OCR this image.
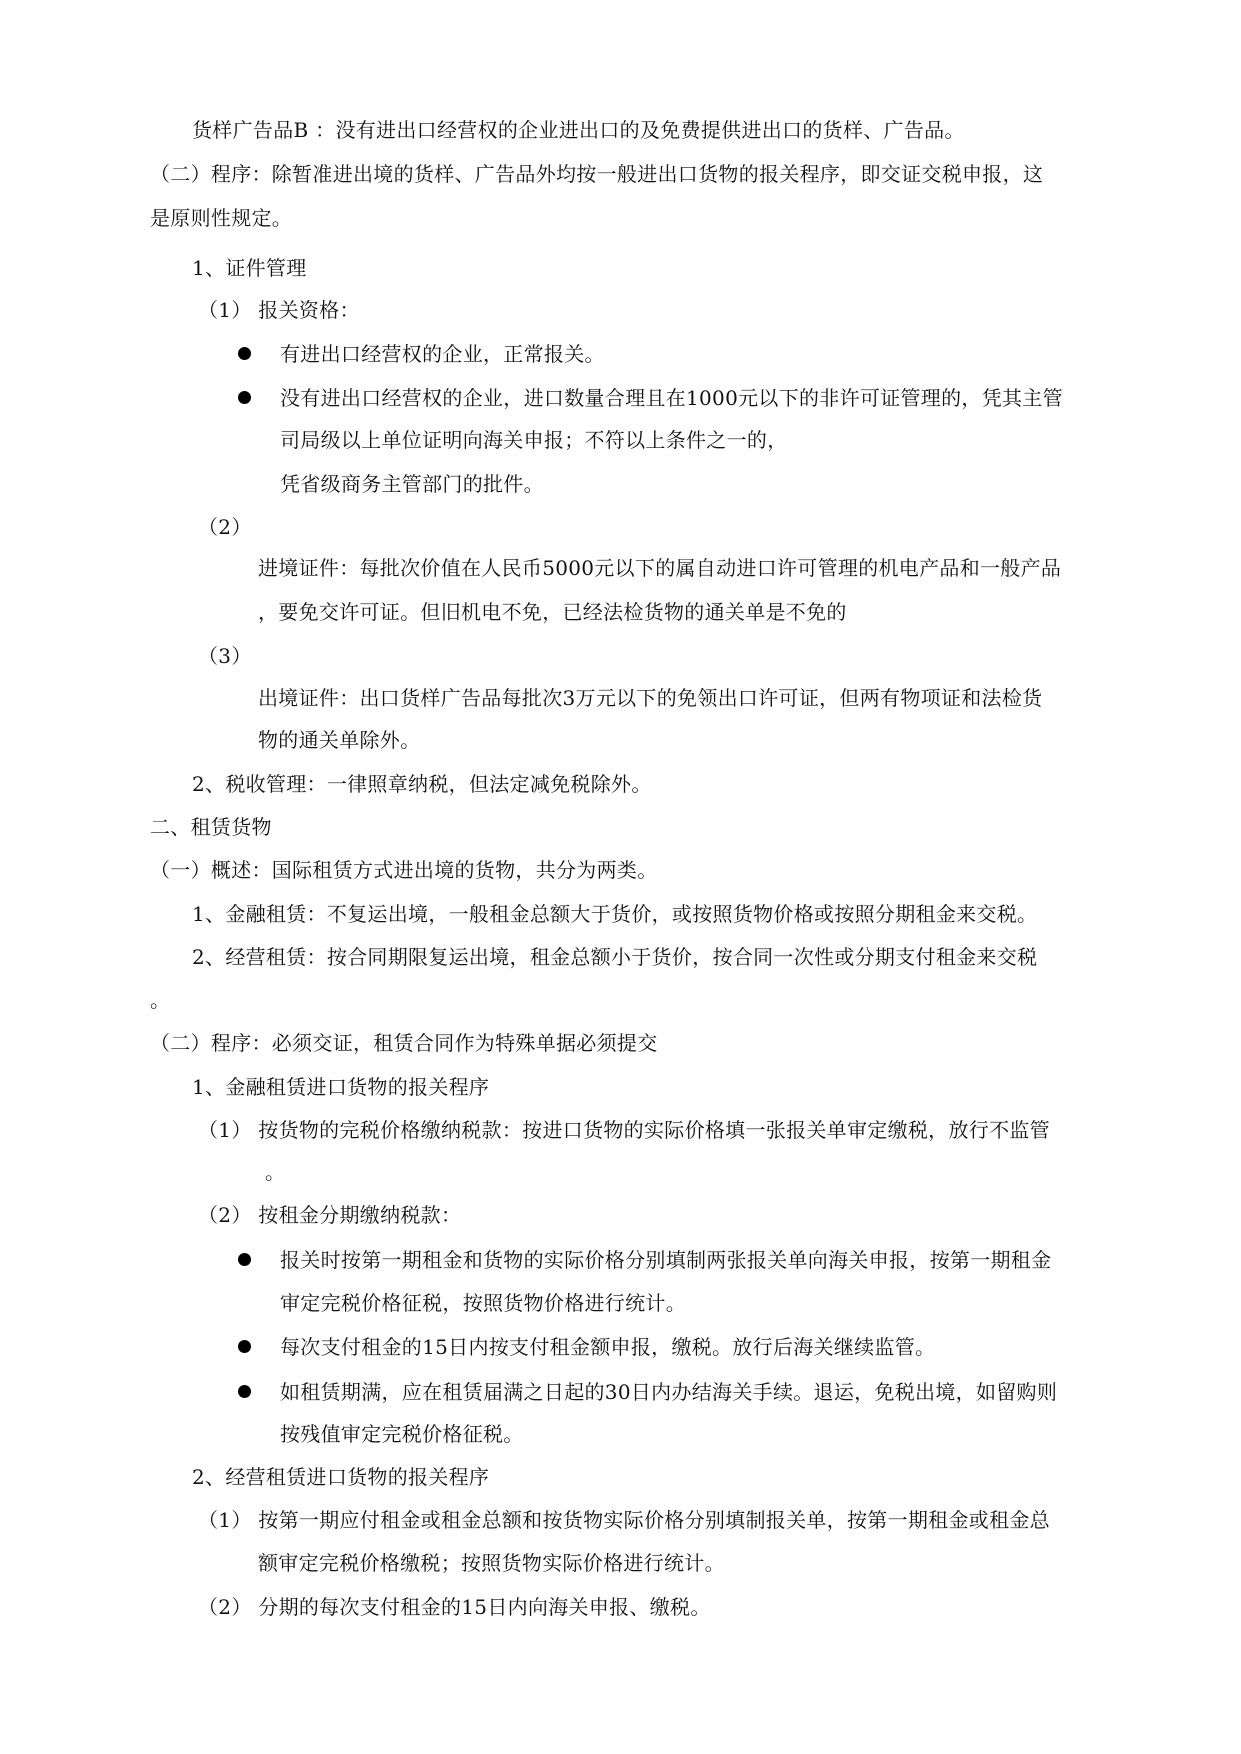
货样广告品B ：没有进出口经营权的企业进出口的及免费提供进出口的货样、广告品。
（二）程序：除暂准进出境的货样、广告品外均按一般进出口货物的报关程序，即交证交税申报，这
是原则性规定。
1、证件管理
（1） 报关资格：
有进出口经营权的企业，正常报关。
没有进出口经营权的企业，进口数量合理且在1000元以下的非许可证管理的，凭其主管
司局级以上单位证明向海关申报；不符以上条件之一的，
凭省级商务主管部门的批件。
（2）
进境证件：每批次价值在人民币5000元以下的属自动进口许可管理的机电产品和一般产品
，要免交许可证。但旧机电不免，已经法检货物的通关单是不免的
（3）
出境证件：出口货样广告品每批次3万元以下的免领出口许可证，但两有物项证和法检货
物的通关单除外。
2、税收管理：一律照章纳税，但法定减免税除外。
二、租赁货物
（一）概述：国际租赁方式进出境的货物，共分为两类。
1、金融租赁：不复运出境，一般租金总额大于货价，或按照货物价格或按照分期租金来交税。
2、经营租赁：按合同期限复运出境，租金总额小于货价，按合同一次性或分期支付租金来交税
。
（二）程序：必须交证，租赁合同作为特殊单据必须提交
1、金融租赁进口货物的报关程序
（1） 按货物的完税价格缴纳税款：按进口货物的实际价格填一张报关单审定缴税，放行不监管
。
（2） 按租金分期缴纳税款：
报关时按第一期租金和货物的实际价格分别填制两张报关单向海关申报，按第一期租金
审定完税价格征税，按照货物价格进行统计。
每次支付租金的15日内按支付租金额申报，缴税。放行后海关继续监管。
如租赁期满，应在租赁届满之日起的30日内办结海关手续。退运，免税出境，如留购则
按残值审定完税价格征税。
2、经营租赁进口货物的报关程序
（1） 按第一期应付租金或租金总额和按货物实际价格分别填制报关单，按第一期租金或租金总
额审定完税价格缴税；按照货物实际价格进行统计。
（2） 分期的每次支付租金的15日内向海关申报、缴税。
